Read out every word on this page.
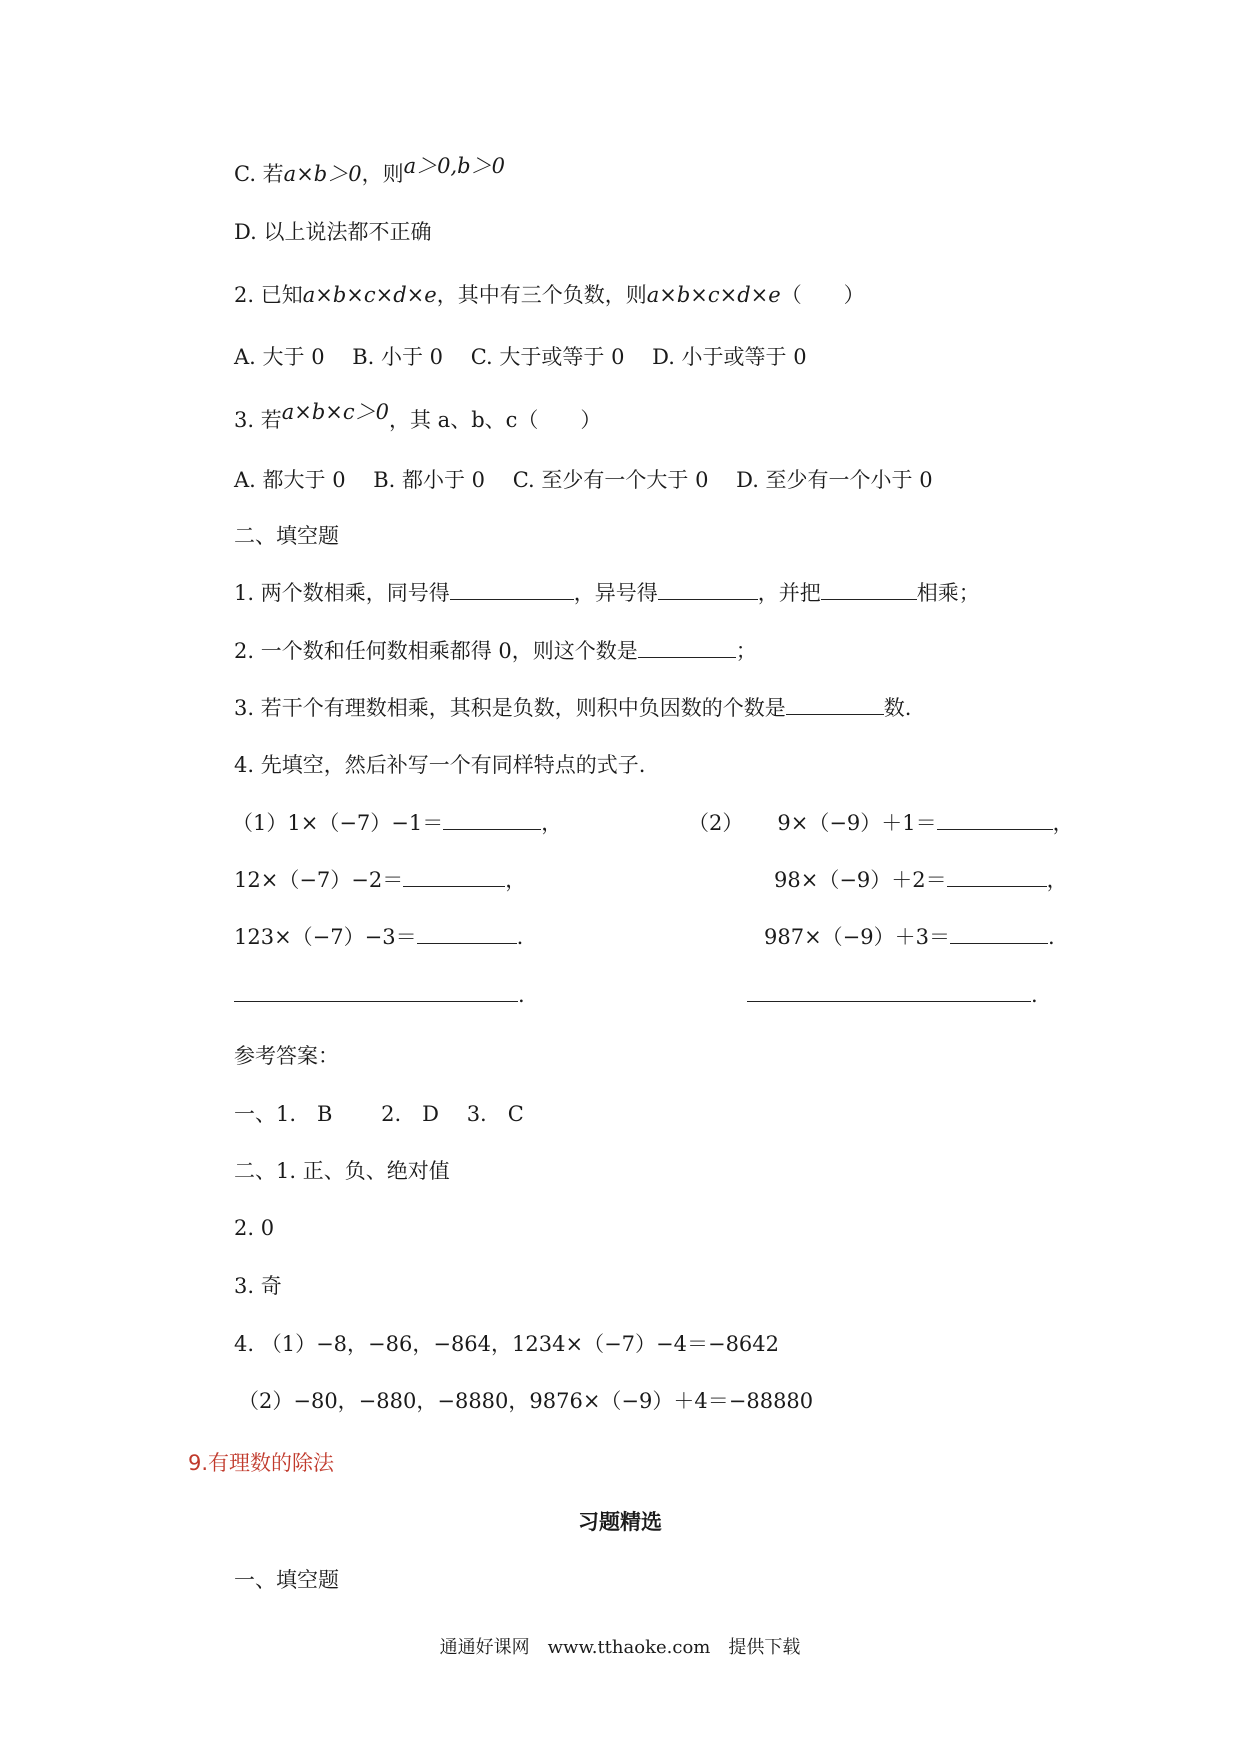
C. 若a×b＞0，则a＞0,b＞0
D. 以上说法都不正确
2. 已知a×b×c×d×e，其中有三个负数，则a×b×c×d×e（　　）
A. 大于 0　 B. 小于 0　 C. 大于或等于 0　 D. 小于或等于 0
3. 若a×b×c＞0，其 a、b、c（　　）
A. 都大于 0　 B. 都小于 0　 C. 至少有一个大于 0　 D. 至少有一个小于 0
二、填空题
1. 两个数相乘，同号得	，异号得	，并把	相乘；
2. 一个数和任何数相乘都得 0，则这个数是	；
3. 若干个有理数相乘，其积是负数，则积中负因数的个数是	数.
4. 先填空，然后补写一个有同样特点的式子.
（1）1×（−7）−1＝	，
12×（−7）−2＝	，
123×（−7）−3＝	.
.
（2） 9×（−9）＋1＝	，
98×（−9）＋2＝	，
987×（−9）＋3＝	.
.
参考答案：
一、1.　B　　 2.　D　 3.　C
二、1. 正、负、绝对值
2. 0
3. 奇
4. （1）−8，−86，−864，1234×（−7）−4＝−8642
（2）−80，−880，−8880，9876×（−9）＋4＝−88880
9.有理数的除法
习题精选
一、填空题
通通好课网　www.tthaoke.com　提供下载
